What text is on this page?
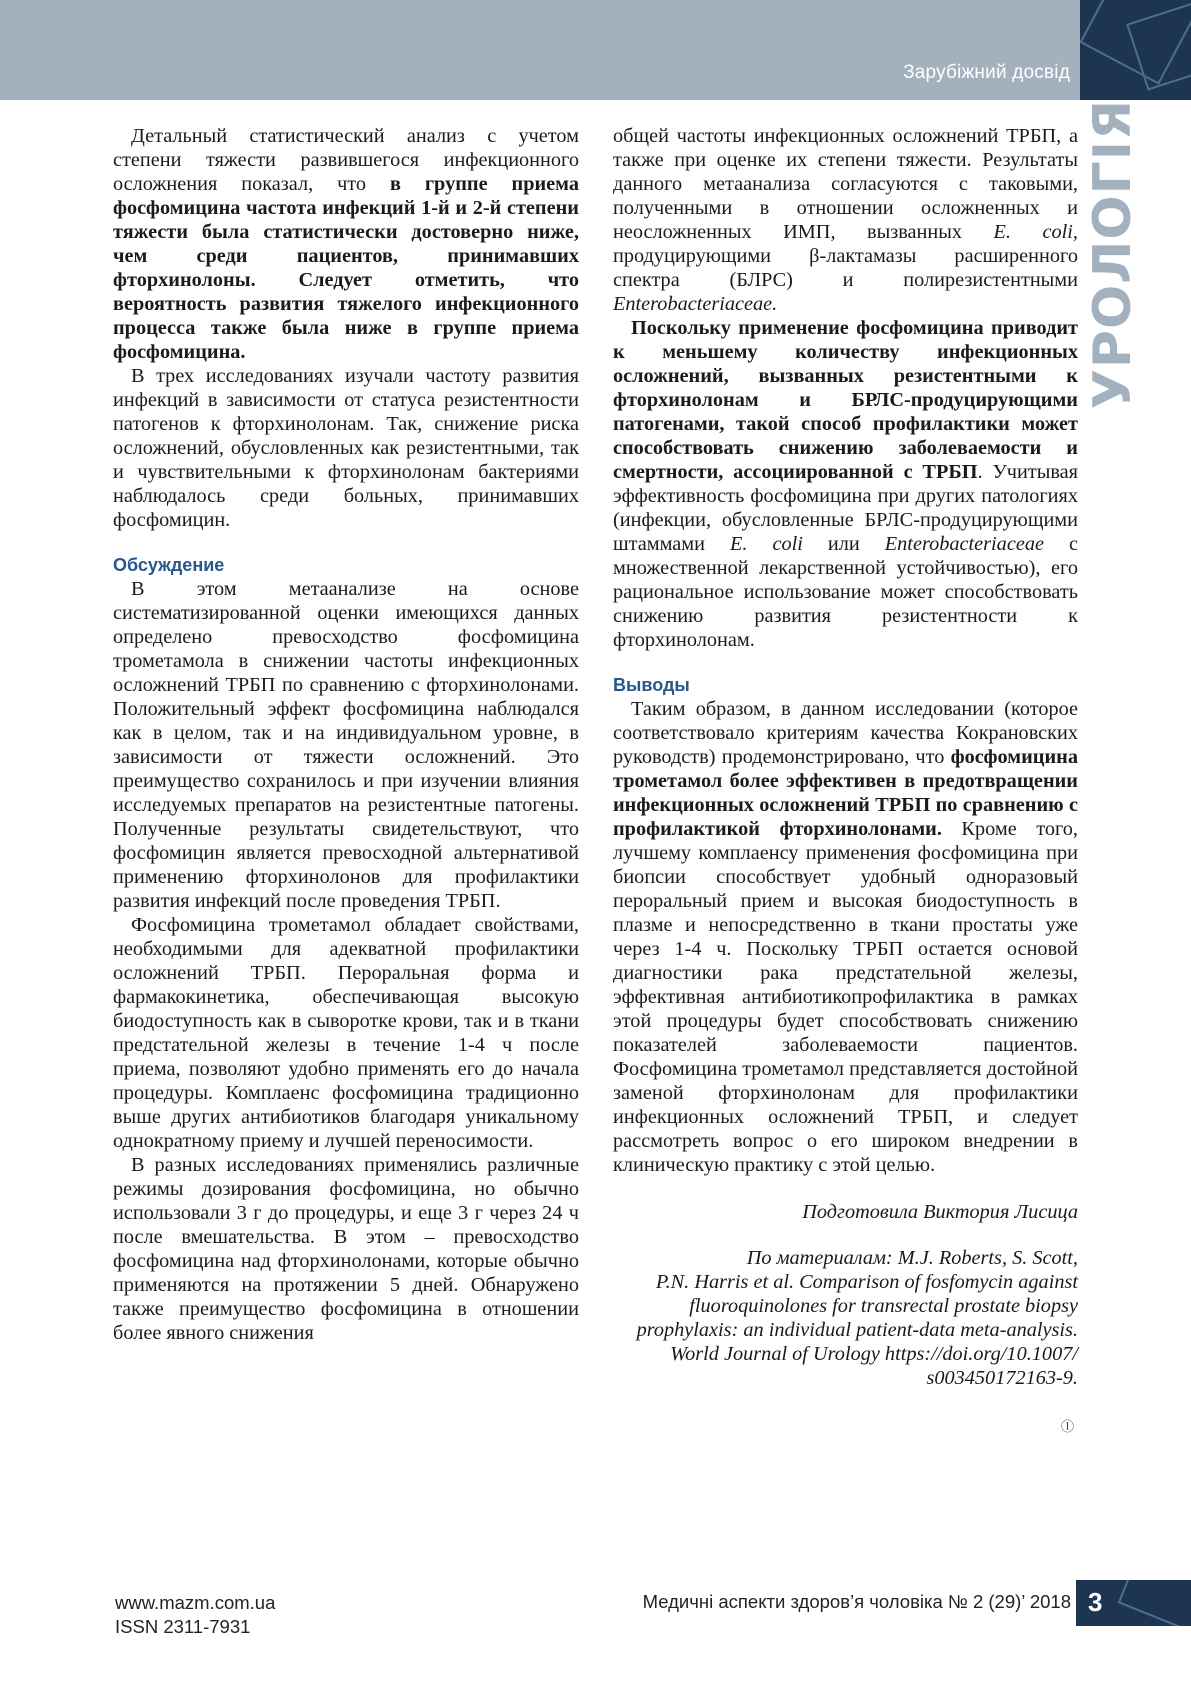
Зарубіжний досвід
УРОЛОГІЯ

Детальный статистический анализ с учетом степени тяжести развившегося инфекционного осложнения показал, что в группе приема фосфомицина частота инфекций 1-й и 2-й степени тяжести была статистически достоверно ниже, чем среди пациентов, принимавших фторхинолоны. Следует отметить, что вероятность развития тяжелого инфекционного процесса также была ниже в группе приема фосфомицина.

В трех исследованиях изучали частоту развития инфекций в зависимости от статуса резистентности патогенов к фторхинолонам. Так, снижение риска осложнений, обусловленных как резистентными, так и чувствительными к фторхинолонам бактериями наблюдалось среди больных, принимавших фосфомицин.

Обсуждение

В этом метаанализе на основе систематизированной оценки имеющихся данных определено превосходство фосфомицина трометамола в снижении частоты инфекционных осложнений ТРБП по сравнению с фторхинолонами. Положительный эффект фосфомицина наблюдался как в целом, так и на индивидуальном уровне, в зависимости от тяжести осложнений. Это преимущество сохранилось и при изучении влияния исследуемых препаратов на резистентные патогены. Полученные результаты свидетельствуют, что фосфомицин является превосходной альтернативой применению фторхинолонов для профилактики развития инфекций после проведения ТРБП.

Фосфомицина трометамол обладает свойствами, необходимыми для адекватной профилактики осложнений ТРБП. Пероральная форма и фармакокинетика, обеспечивающая высокую биодоступность как в сыворотке крови, так и в ткани предстательной железы в течение 1-4 ч после приема, позволяют удобно применять его до начала процедуры. Комплаенс фосфомицина традиционно выше других антибиотиков благодаря уникальному однократному приему и лучшей переносимости.

В разных исследованиях применялись различные режимы дозирования фосфомицина, но обычно использовали 3 г до процедуры, и еще 3 г через 24 ч после вмешательства. В этом – превосходство фосфомицина над фторхинолонами, которые обычно применяются на протяжении 5 дней. Обнаружено также преимущество фосфомицина в отношении более явного снижения

общей частоты инфекционных осложнений ТРБП, а также при оценке их степени тяжести. Результаты данного метаанализа согласуются с таковыми, полученными в отношении осложненных и неосложненных ИМП, вызванных E. coli, продуцирующими β-лактамазы расширенного спектра (БЛРС) и полирезистентными Enterobacteriaceae.

Поскольку применение фосфомицина приводит к меньшему количеству инфекционных осложнений, вызванных резистентными к фторхинолонам и БРЛС-продуцирующими патогенами, такой способ профилактики может способствовать снижению заболеваемости и смертности, ассоциированной с ТРБП. Учитывая эффективность фосфомицина при других патологиях (инфекции, обусловленные БРЛС-продуцирующими штаммами E. coli или Enterobacteriaceae с множественной лекарственной устойчивостью), его рациональное использование может способствовать снижению развития резистентности к фторхинолонам.

Выводы

Таким образом, в данном исследовании (которое соответствовало критериям качества Кокрановских руководств) продемонстрировано, что фосфомицина трометамол более эффективен в предотвращении инфекционных осложнений ТРБП по сравнению с профилактикой фторхинолонами. Кроме того, лучшему комплаенсу применения фосфомицина при биопсии способствует удобный одноразовый пероральный прием и высокая биодоступность в плазме и непосредственно в ткани простаты уже через 1-4 ч. Поскольку ТРБП остается основой диагностики рака предстательной железы, эффективная антибиотикопрофилактика в рамках этой процедуры будет способствовать снижению показателей заболеваемости пациентов. Фосфомицина трометамол представляется достойной заменой фторхинолонам для профилактики инфекционных осложнений ТРБП, и следует рассмотреть вопрос о его широком внедрении в клиническую практику с этой целью.

Подготовила Виктория Лисица

По материалам: M.J. Roberts, S. Scott,
P.N. Harris et al. Comparison of fosfomycin against
fluoroquinolones for transrectal prostate biopsy
prophylaxis: an individual patient-data meta-analysis.
World Journal of Urology https://doi.org/10.1007/
s003450172163-9.

Ⓘ

www.mazm.com.ua
ISSN 2311-7931
Медичні аспекти здоров’я чоловіка № 2 (29)’ 2018 3
